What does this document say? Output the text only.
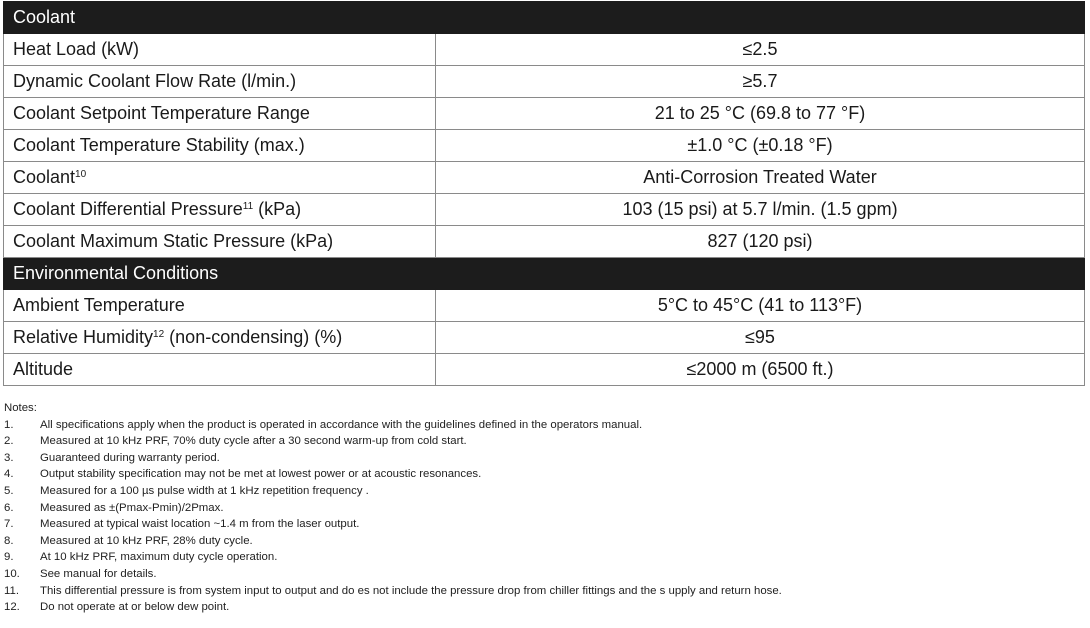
Coolant	
Heat Load (kW)	≤2.5
Dynamic Coolant Flow Rate (l/min.)	≥5.7
Coolant Setpoint Temperature Range	21 to 25 °C (69.8 to 77 °F)
Coolant Temperature Stability (max.)	±1.0 °C (±0.18 °F)
Coolant$^{10}$	Anti-Corrosion Treated Water
Coolant Differential Pressure$^{11}$ (kPa)	103 (15 psi) at 5.7 l/min. (1.5 gpm)
Coolant Maximum Static Pressure (kPa)	827 (120 psi)
Environmental Conditions	
Ambient Temperature	5°C to 45°C (41 to 113°F)
Relative Humidity$^{12}$ (non-condensing) (%)	≤95
Altitude	≤2000 m (6500 ft.)
Notes:
1.	All specifications apply when the product is operated in accordance with the guidelines defined in the operators manual.
2.	Measured at 10 kHz PRF, 70% duty cycle after a 30 second warm-up from cold start.
3.	Guaranteed during warranty period.
4.	Output stability specification may not be met at lowest power or at acoustic resonances.
5.	Measured for a 100 µs pulse width at 1 kHz repetition frequency .
6.	Measured as ±(Pmax-Pmin)/2Pmax.
7.	Measured at typical waist location ~1.4 m from the laser output.
8.	Measured at 10 kHz PRF, 28% duty cycle.
9.	At 10 kHz PRF, maximum duty cycle operation.
10.	See manual for details.
11.	This differential pressure is from system input to output and do es not include the pressure drop from chiller fittings and the s upply and return hose.
12.	Do not operate at or below dew point.
